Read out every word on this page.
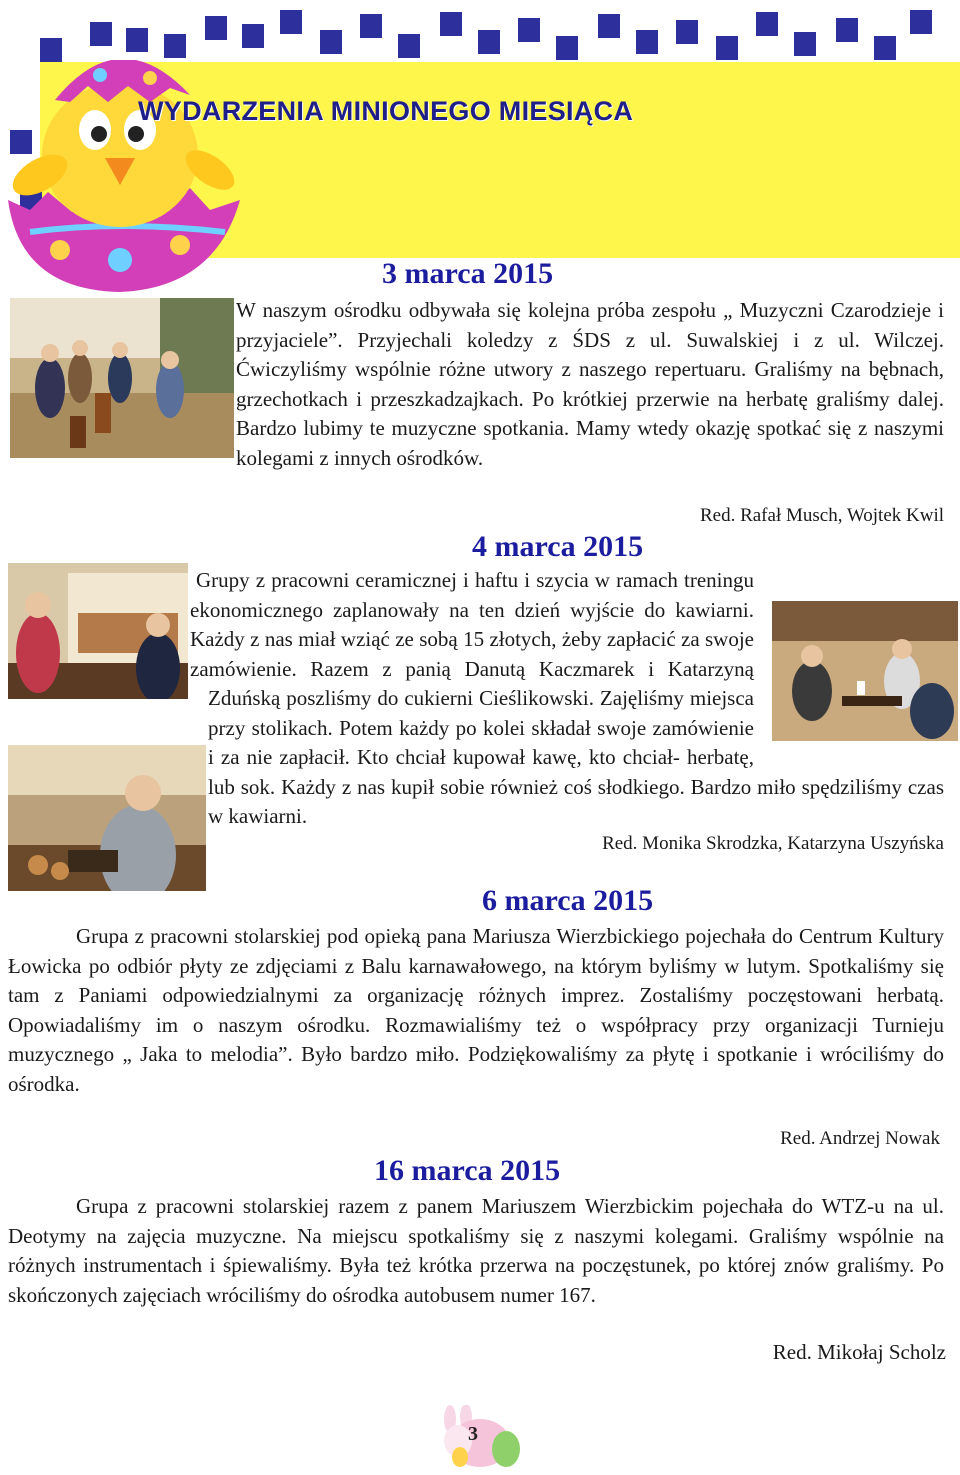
WYDARZENIA MINIONEGO MIESIĄCA
3 marca 2015

W naszym ośrodku odbywała się kolejna próba zespołu „ Muzyczni Czarodzieje i przyjaciele”. Przyjechali koledzy z ŚDS z ul. Suwalskiej i z ul. Wilczej. Ćwiczyliśmy wspólnie różne utwory z naszego repertuaru. Graliśmy na bębnach, grzechotkach i przeszkadzajkach. Po krótkiej przerwie na herbatę graliśmy dalej. Bardzo lubimy te muzyczne spotkania. Mamy wtedy okazję spotkać się z naszymi kolegami z innych ośrodków.

Red. Rafał Musch, Wojtek Kwil
4 marca 2015

Grupy z pracowni ceramicznej i haftu i szycia w ramach treningu ekonomicznego zaplanowały na ten dzień wyjście do kawiarni. Każdy z nas miał wziąć ze sobą 15 złotych, żeby zapłacić za swoje zamówienie. Razem z panią Danutą Kaczmarek i Katarzyną Zduńską poszliśmy do cukierni Cieślikowski. Zajęliśmy miejsca przy stolikach. Potem każdy po kolei składał swoje zamówienie i za nie zapłacił. Kto chciał kupował kawę, kto chciał- herbatę, lub sok. Każdy z nas kupił sobie również coś słodkiego. Bardzo miło spędziliśmy czas w kawiarni.

Red. Monika Skrodzka, Katarzyna Uszyńska
6 marca 2015

Grupa z pracowni stolarskiej pod opieką pana Mariusza Wierzbickiego pojechała do Centrum Kultury Łowicka po odbiór płyty ze zdjęciami z Balu karnawałowego, na którym byliśmy w lutym. Spotkaliśmy się tam z Paniami odpowiedzialnymi za organizację różnych imprez. Zostaliśmy poczęstowani herbatą. Opowiadaliśmy im o naszym ośrodku. Rozmawialiśmy też o współpracy przy organizacji Turnieju muzycznego „ Jaka to melodia”. Było bardzo miło. Podziękowaliśmy za płytę i spotkanie i wróciliśmy do ośrodka.

Red. Andrzej Nowak
16 marca 2015

Grupa z pracowni stolarskiej razem z panem Mariuszem Wierzbickim pojechała do WTZ-u na ul. Deotymy na zajęcia muzyczne. Na miejscu spotkaliśmy się z naszymi kolegami. Graliśmy wspólnie na różnych instrumentach i śpiewaliśmy. Była też krótka przerwa na poczęstunek, po której znów graliśmy. Po skończonych zajęciach wróciliśmy do ośrodka autobusem numer 167.

Red. Mikołaj Scholz
3
